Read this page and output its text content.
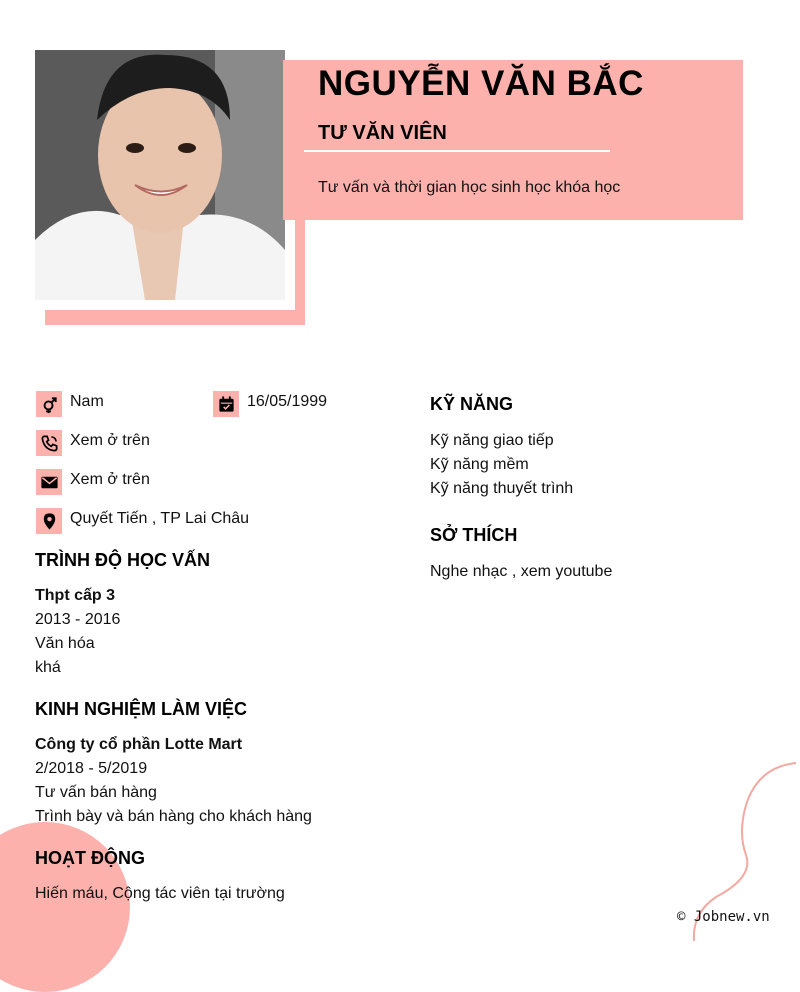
NGUYỄN VĂN BẮC
TƯ VĂN VIÊN
Tư vấn và thời gian học sinh học khóa học
Nam	16/05/1999
Xem ở trên
Xem ở trên
Quyết Tiến , TP Lai Châu
TRÌNH ĐỘ HỌC VẤN
Thpt cấp 3
2013 - 2016
Văn hóa
khá
KINH NGHIỆM LÀM VIỆC
Công ty cổ phần Lotte Mart
2/2018 - 5/2019
Tư vấn bán hàng
Trình bày và bán hàng cho khách hàng
HOẠT ĐỘNG
Hiến máu, Cộng tác viên tại trường
KỸ NĂNG
Kỹ năng giao tiếp
Kỹ năng mềm
Kỹ năng thuyết trình
SỞ THÍCH
Nghe nhạc , xem youtube
© Jobnew.vn
